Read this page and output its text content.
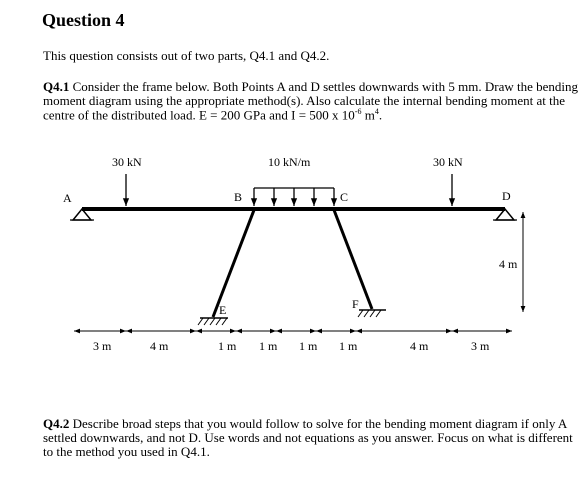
Question 4
This question consists out of two parts, Q4.1 and Q4.2.
Q4.1 Consider the frame below. Both Points A and D settles downwards with 5 mm. Draw the bending moment diagram using the appropriate method(s). Also calculate the internal bending moment at the centre of the distributed load. E = 200 GPa and I = 500 x $10^{-6}$ $m^4$.
30 kN	10 kN/m	30 kN
A	B	C	D
E	F
4 m
3 m	4 m	1 m 1 m 1 m 1 m	4 m	3 m
Q4.2 Describe broad steps that you would follow to solve for the bending moment diagram if only A settled downwards, and not D. Use words and not equations as you answer. Focus on what is different to the method you used in Q4.1.
